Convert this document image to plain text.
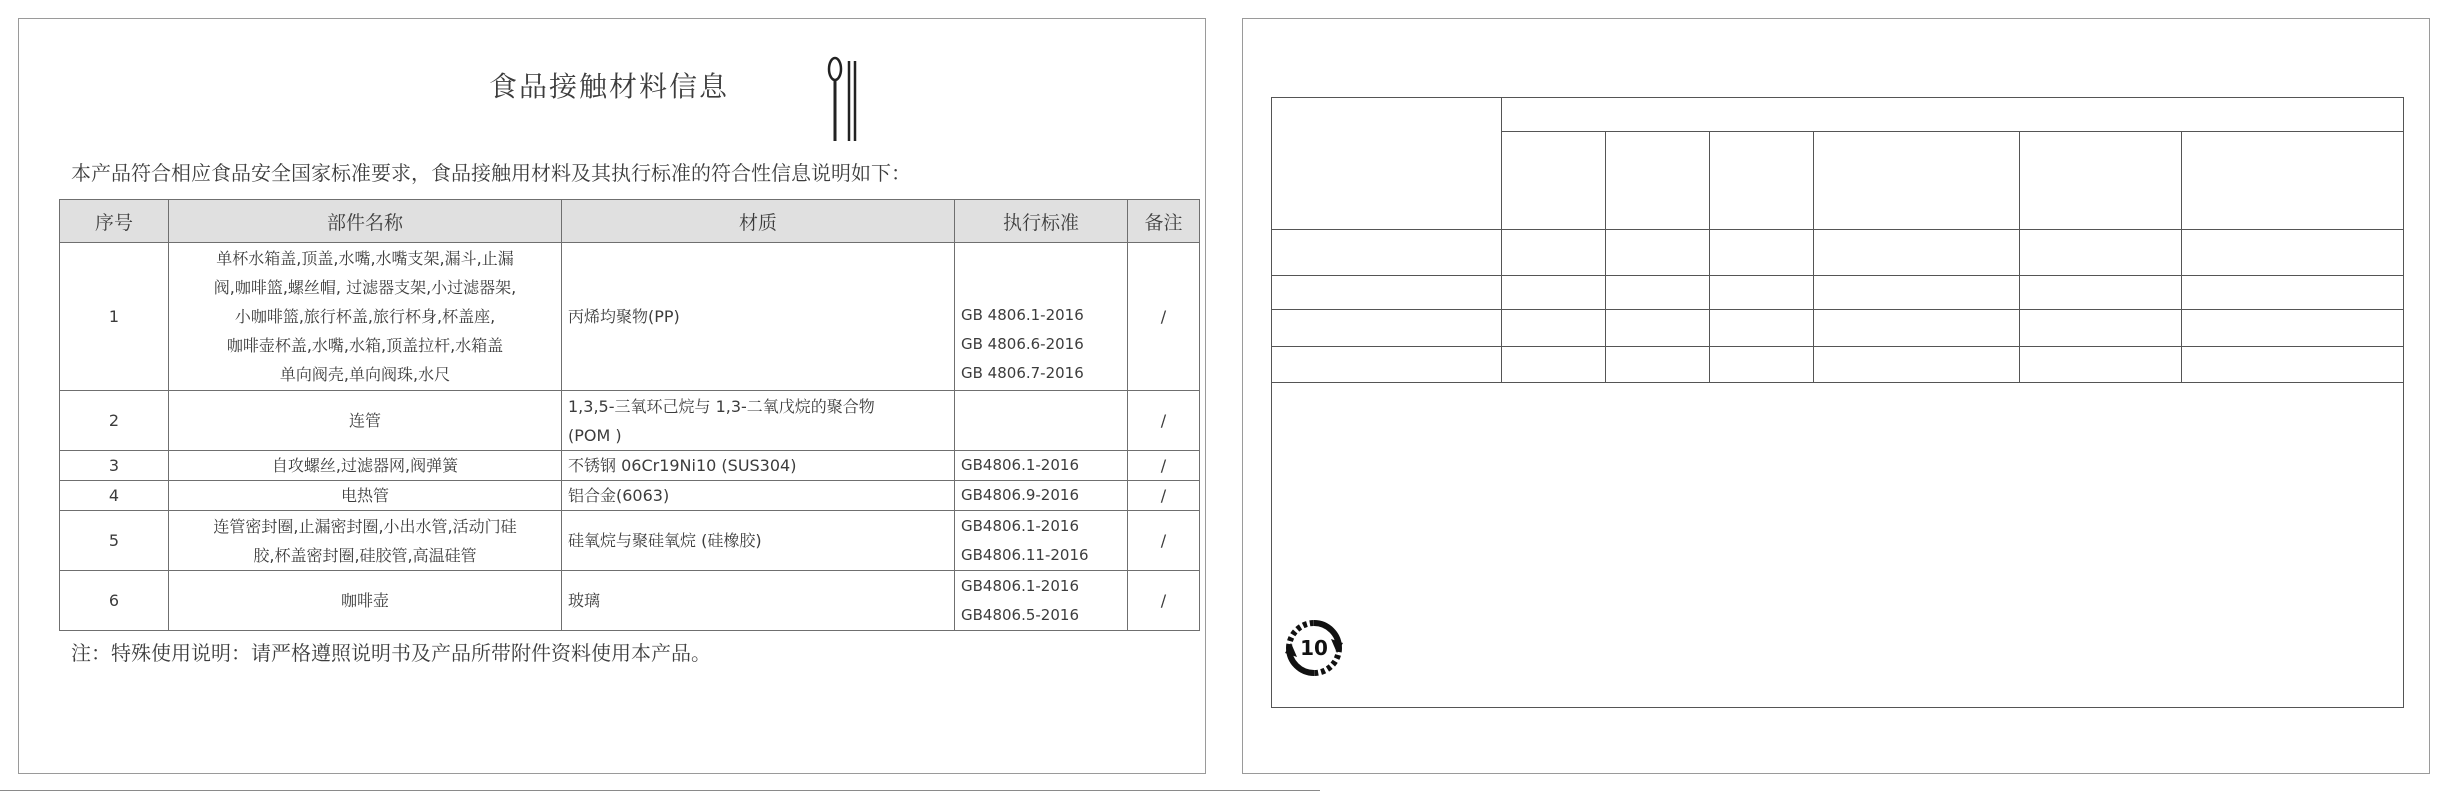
食品接触材料信息
本产品符合相应食品安全国家标准要求，食品接触用材料及其执行标准的符合性信息说明如下：
序号	部件名称	材质	执行标准	备注
1	单杯水箱盖,顶盖,水嘴,水嘴支架,漏斗,止漏
阀,咖啡篮,螺丝帽, 过滤器支架,小过滤器架,
小咖啡篮,旅行杯盖,旅行杯身,杯盖座,
咖啡壶杯盖,水嘴,水箱,顶盖拉杆,水箱盖
单向阀壳,单向阀珠,水尺	丙烯均聚物(PP)	GB 4806.1-2016
GB 4806.6-2016
GB 4806.7-2016	/
2	连管	1,3,5-三氧环己烷与 1,3-二氧戊烷的聚合物
(POM )		/
3	自攻螺丝,过滤器网,阀弹簧	不锈钢 06Cr19Ni10 (SUS304)	GB4806.1-2016	/
4	电热管	铝合金(6063)	GB4806.9-2016	/
5	连管密封圈,止漏密封圈,小出水管,活动门硅
胶,杯盖密封圈,硅胶管,高温硅管	硅氧烷与聚硅氧烷 (硅橡胶)	GB4806.1-2016
GB4806.11-2016	/
6	咖啡壶	玻璃	GB4806.1-2016
GB4806.5-2016	/
注：特殊使用说明：请严格遵照说明书及产品所带附件资料使用本产品。

							10
